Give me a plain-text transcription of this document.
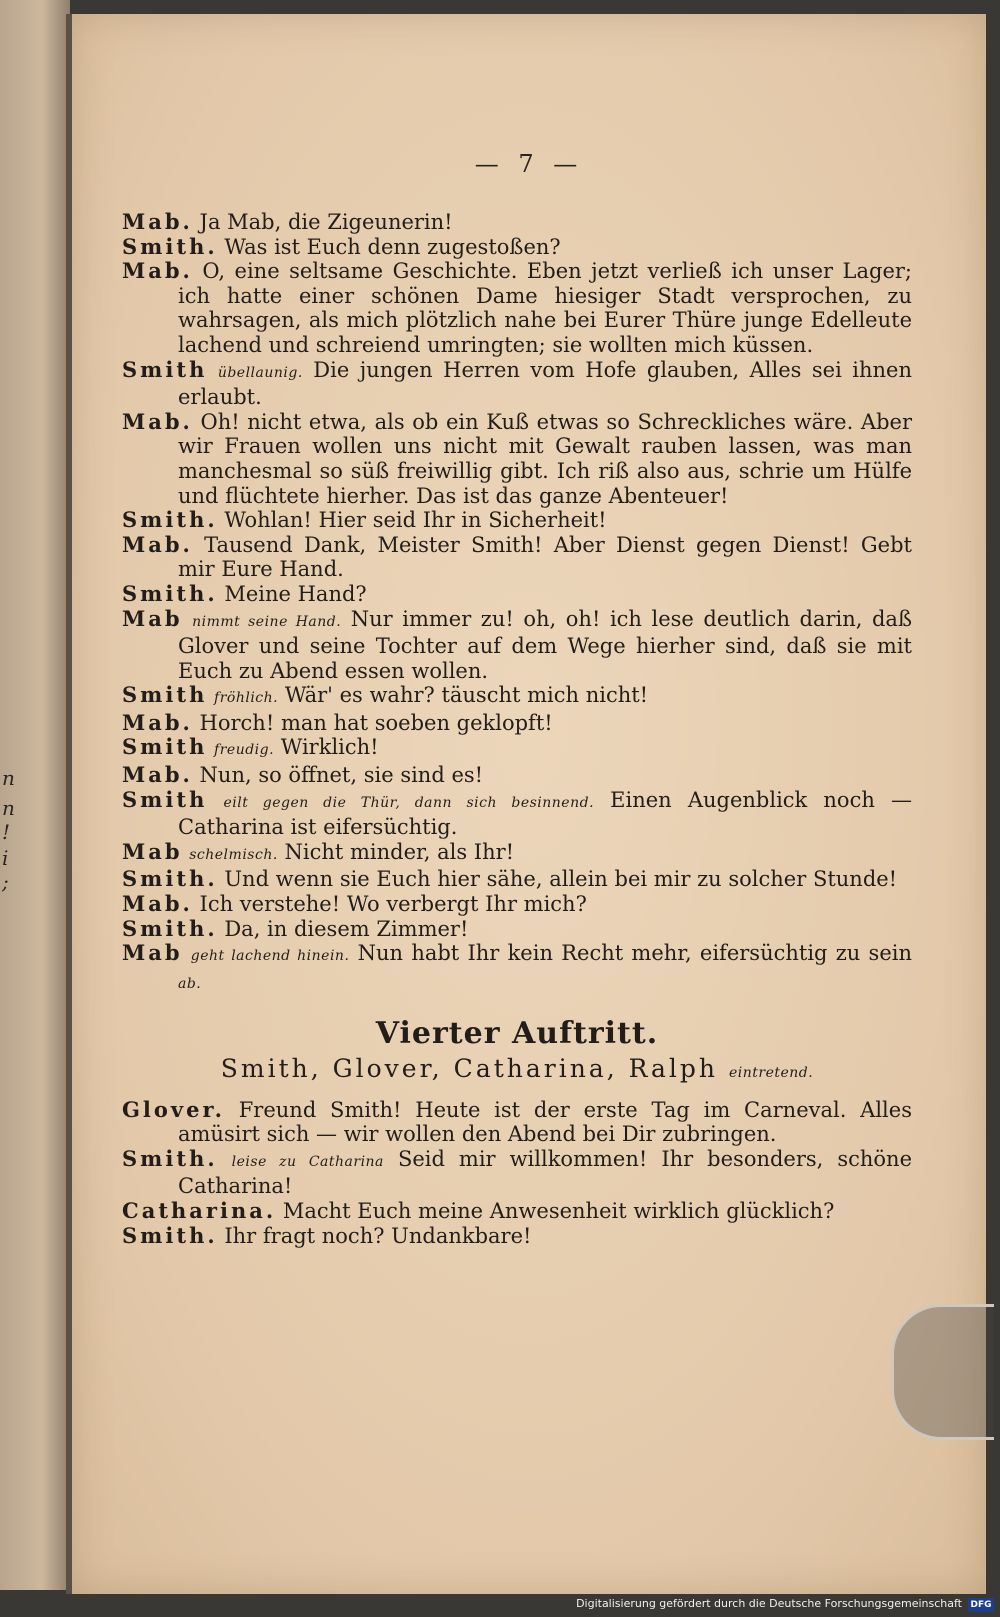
n
n
!
i
;
— 7 —

Mab. Ja Mab, die Zigeunerin!

Smith. Was ist Euch denn zugestoßen?

Mab. O, eine seltsame Geschichte. Eben jetzt verließ ich unser Lager; ich hatte einer schönen Dame hiesiger Stadt versprochen, zu wahrsagen, als mich plötzlich nahe bei Eurer Thüre junge Edelleute lachend und schreiend umringten; sie wollten mich küssen.

Smith übellaunig. Die jungen Herren vom Hofe glauben, Alles sei ihnen erlaubt.

Mab. Oh! nicht etwa, als ob ein Kuß etwas so Schreckliches wäre. Aber wir Frauen wollen uns nicht mit Gewalt rauben lassen, was man manchesmal so süß freiwillig gibt. Ich riß also aus, schrie um Hülfe und flüchtete hierher. Das ist das ganze Abenteuer!

Smith. Wohlan! Hier seid Ihr in Sicherheit!

Mab. Tausend Dank, Meister Smith! Aber Dienst gegen Dienst! Gebt mir Eure Hand.

Smith. Meine Hand?

Mab nimmt seine Hand. Nur immer zu! oh, oh! ich lese deutlich darin, daß Glover und seine Tochter auf dem Wege hierher sind, daß sie mit Euch zu Abend essen wollen.

Smith fröhlich. Wär' es wahr? täuscht mich nicht!

Mab. Horch! man hat soeben geklopft!

Smith freudig. Wirklich!

Mab. Nun, so öffnet, sie sind es!

Smith eilt gegen die Thür, dann sich besinnend. Einen Augenblick noch — Catharina ist eifersüchtig.

Mab schelmisch. Nicht minder, als Ihr!

Smith. Und wenn sie Euch hier sähe, allein bei mir zu solcher Stunde!

Mab. Ich verstehe! Wo verbergt Ihr mich?

Smith. Da, in diesem Zimmer!

Mab geht lachend hinein. Nun habt Ihr kein Recht mehr, eifersüchtig zu sein ab.

Vierter Auftritt.
Smith, Glover, Catharina, Ralph eintretend.

Glover. Freund Smith! Heute ist der erste Tag im Carneval. Alles amüsirt sich — wir wollen den Abend bei Dir zubringen.

Smith. leise zu Catharina Seid mir willkommen! Ihr besonders, schöne Catharina!

Catharina. Macht Euch meine Anwesenheit wirklich glücklich?

Smith. Ihr fragt noch? Undankbare!

Digitalisierung gefördert durch die Deutsche Forschungsgemeinschaft DFG
